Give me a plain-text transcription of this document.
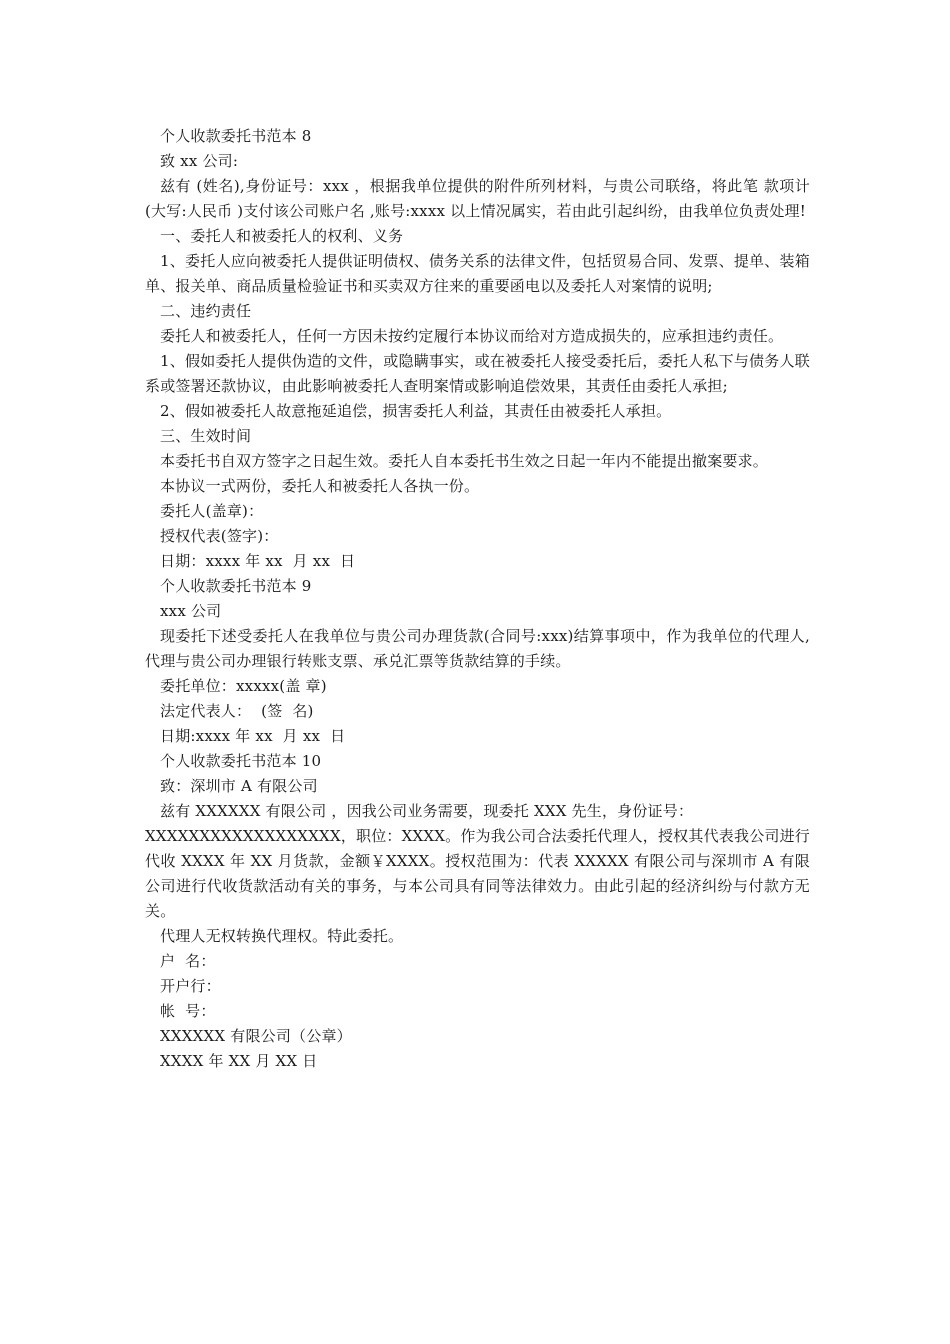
个人收款委托书范本 8

致 xx 公司:

兹有 (姓名),身份证号：xxx ，根据我单位提供的附件所列材料，与贵公司联络，将此笔 款项计 (大写:人民币 )支付该公司账户名 ,账号:xxxx 以上情况属实，若由此引起纠纷，由我单位负责处理!

一、委托人和被委托人的权利、义务

1、委托人应向被委托人提供证明债权、债务关系的法律文件，包括贸易合同、发票、提单、装箱单、报关单、商品质量检验证书和买卖双方往来的重要函电以及委托人对案情的说明;

二、违约责任

委托人和被委托人，任何一方因未按约定履行本协议而给对方造成损失的，应承担违约责任。

1、假如委托人提供伪造的文件，或隐瞒事实，或在被委托人接受委托后，委托人私下与债务人联系或签署还款协议，由此影响被委托人查明案情或影响追偿效果，其责任由委托人承担;

2、假如被委托人故意拖延追偿，损害委托人利益，其责任由被委托人承担。

三、生效时间

本委托书自双方签字之日起生效。委托人自本委托书生效之日起一年内不能提出撤案要求。

本协议一式两份，委托人和被委托人各执一份。

委托人(盖章)：

授权代表(签字)：

日期：xxxx 年 xx  月 xx  日

个人收款委托书范本 9

xxx 公司

现委托下述受委托人在我单位与贵公司办理货款(合同号:xxx)结算事项中，作为我单位的代理人,代理与贵公司办理银行转账支票、承兑汇票等货款结算的手续。

委托单位：xxxxx(盖 章)

法定代表人：  (签  名)

日期:xxxx 年 xx  月 xx  日

个人收款委托书范本 10

致：深圳市 A 有限公司

兹有 XXXXXX 有限公司 ，因我公司业务需要，现委托 XXX 先生，身份证号：

XXXXXXXXXXXXXXXXXX，职位：XXXX。作为我公司合法委托代理人，授权其代表我公司进行代收 XXXX 年 XX 月货款，金额￥XXXX。授权范围为：代表 XXXXX 有限公司与深圳市 A 有限公司进行代收货款活动有关的事务，与本公司具有同等法律效力。由此引起的经济纠纷与付款方无关。

代理人无权转换代理权。特此委托。

户  名：

开户行：

帐  号：

XXXXXX 有限公司（公章）

XXXX 年 XX 月 XX 日
